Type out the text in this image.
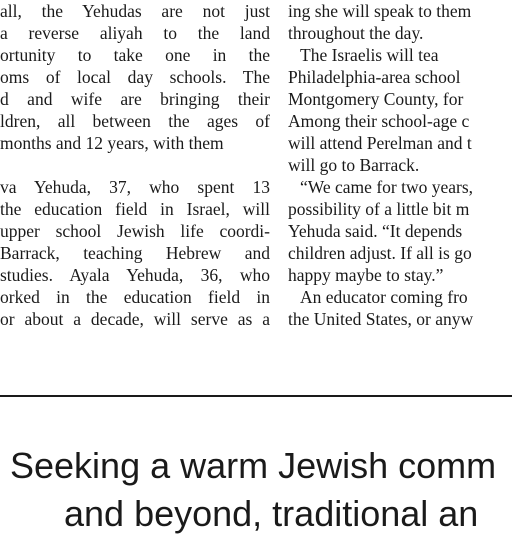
all, the Yehudas are not just
a reverse aliyah to the land
ortunity to take one in the
oms of local day schools. The
d and wife are bringing their
ldren, all between the ages of
months and 12 years, with them
va Yehuda, 37, who spent 13
the education field in Israel, will
upper school Jewish life coordi-
Barrack, teaching Hebrew and
studies. Ayala Yehuda, 36, who
orked in the education field in
or about a decade, will serve as a
ing she will speak to them
throughout the day.
The Israelis will tea
Philadelphia-area school
Montgomery County, for
Among their school-age c
will attend Perelman and t
will go to Barrack.
“We came for two years,
possibility of a little bit m
Yehuda said. “It depends
children adjust. If all is go
happy maybe to stay.”
An educator coming fro
the United States, or anyw
Seeking a warm Jewish comm
and beyond, traditional an
